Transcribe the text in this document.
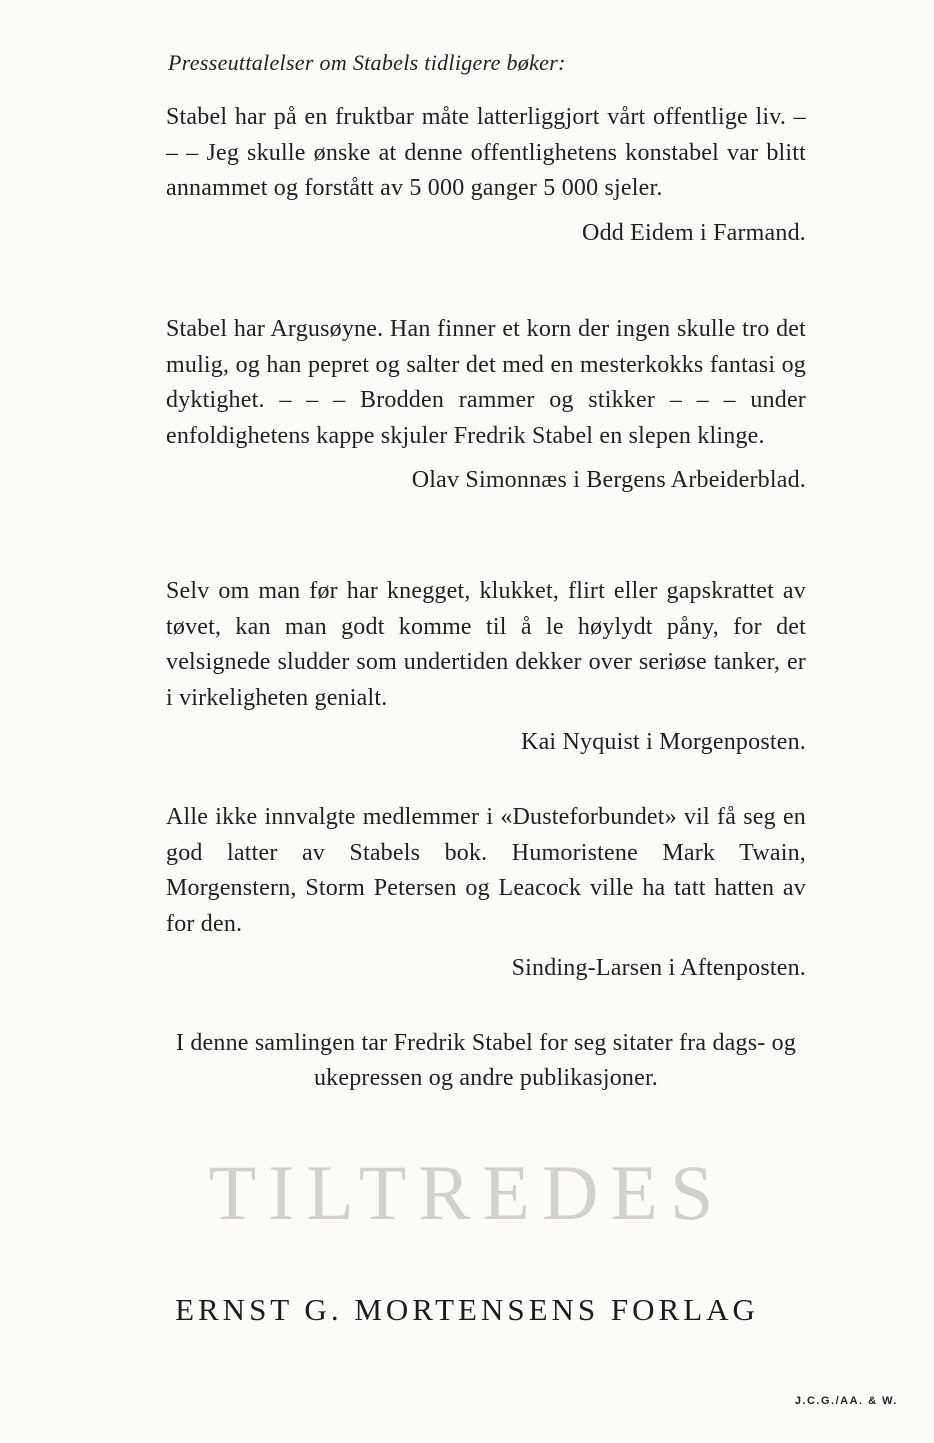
Presseuttalelser om Stabels tidligere bøker:

Stabel har på en fruktbar måte latterliggjort vårt offentlige liv. – – – Jeg skulle ønske at denne offentlighetens konstabel var blitt annammet og forstått av 5 000 ganger 5 000 sjeler.

Odd Eidem i Farmand.

Stabel har Argusøyne. Han finner et korn der ingen skulle tro det mulig, og han pepret og salter det med en mesterkokks fantasi og dyktighet. – – – Brodden rammer og stikker – – – under enfoldighetens kappe skjuler Fredrik Stabel en slepen klinge.

Olav Simonnæs i Bergens Arbeiderblad.

Selv om man før har knegget, klukket, flirt eller gapskrattet av tøvet, kan man godt komme til å le høylydt påny, for det velsignede sludder som undertiden dekker over seriøse tanker, er i virkeligheten genialt.

Kai Nyquist i Morgenposten.

Alle ikke innvalgte medlemmer i «Dusteforbundet» vil få seg en god latter av Stabels bok. Humoristene Mark Twain, Morgenstern, Storm Petersen og Leacock ville ha tatt hatten av for den.

Sinding-Larsen i Aftenposten.

I denne samlingen tar Fredrik Stabel for seg sitater fra dags- og ukepressen og andre publikasjoner.

TILTREDES

ERNST G. MORTENSENS FORLAG

J.C.G./AA. & W.
